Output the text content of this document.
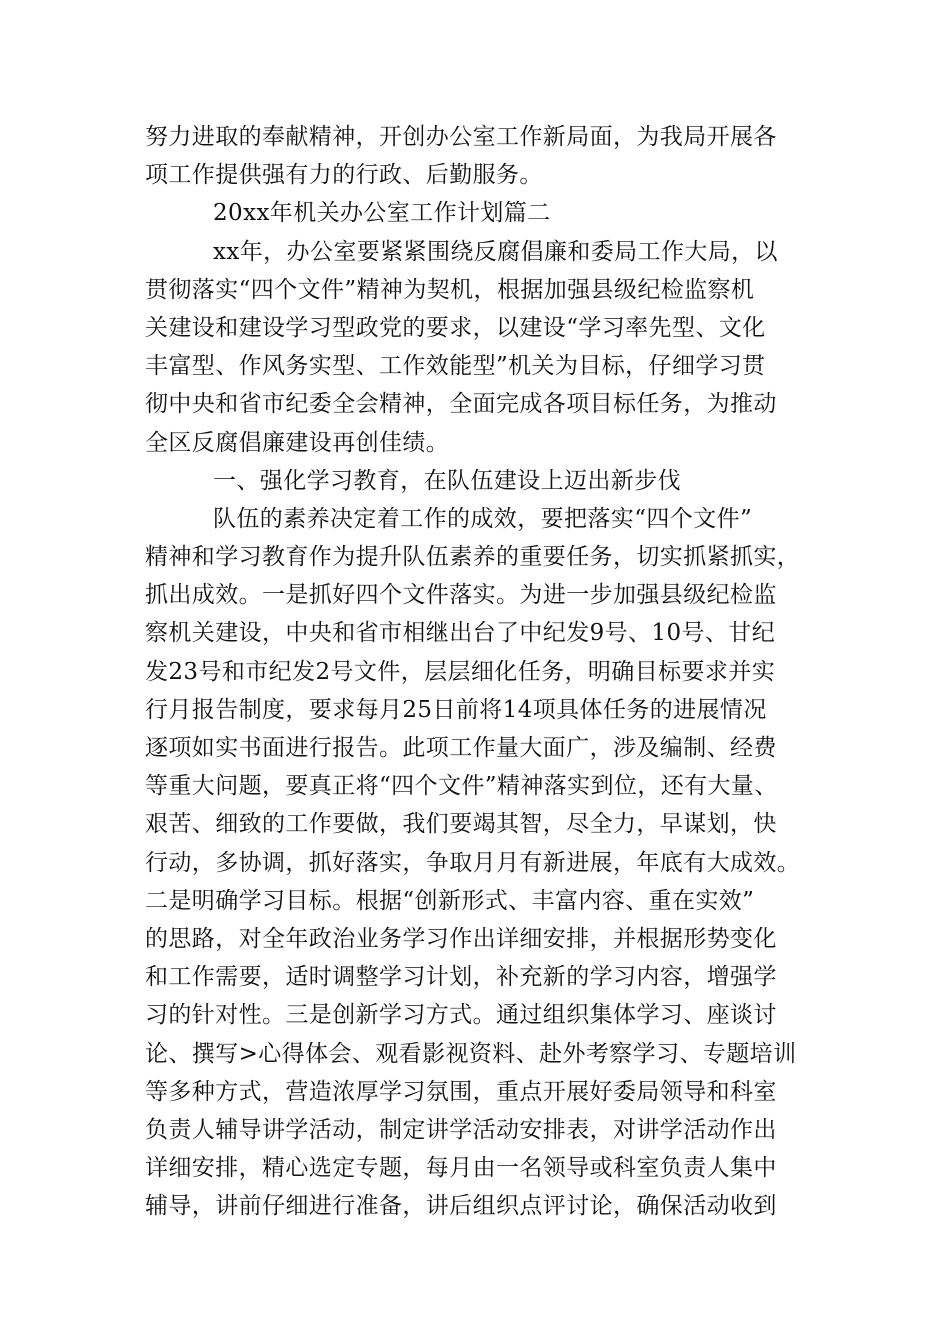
努力进取的奉献精神，开创办公室工作新局面，为我局开展各
项工作提供强有力的行政、后勤服务。
20xx年机关办公室工作计划篇二
xx年，办公室要紧紧围绕反腐倡廉和委局工作大局，以
贯彻落实“四个文件”精神为契机，根据加强县级纪检监察机
关建设和建设学习型政党的要求，以建设“学习率先型、文化
丰富型、作风务实型、工作效能型”机关为目标，仔细学习贯
彻中央和省市纪委全会精神，全面完成各项目标任务，为推动
全区反腐倡廉建设再创佳绩。
一、强化学习教育，在队伍建设上迈出新步伐
队伍的素养决定着工作的成效，要把落实“四个文件”
精神和学习教育作为提升队伍素养的重要任务，切实抓紧抓实，
抓出成效。一是抓好四个文件落实。为进一步加强县级纪检监
察机关建设，中央和省市相继出台了中纪发9号、10号、甘纪
发23号和市纪发2号文件，层层细化任务，明确目标要求并实
行月报告制度，要求每月25日前将14项具体任务的进展情况
逐项如实书面进行报告。此项工作量大面广，涉及编制、经费
等重大问题，要真正将“四个文件”精神落实到位，还有大量、
艰苦、细致的工作要做，我们要竭其智，尽全力，早谋划，快
行动，多协调，抓好落实，争取月月有新进展，年底有大成效。
二是明确学习目标。根据“创新形式、丰富内容、重在实效”
的思路，对全年政治业务学习作出详细安排，并根据形势变化
和工作需要，适时调整学习计划，补充新的学习内容，增强学
习的针对性。三是创新学习方式。通过组织集体学习、座谈讨
论、撰写>心得体会、观看影视资料、赴外考察学习、专题培训
等多种方式，营造浓厚学习氛围，重点开展好委局领导和科室
负责人辅导讲学活动，制定讲学活动安排表，对讲学活动作出
详细安排，精心选定专题，每月由一名领导或科室负责人集中
辅导，讲前仔细进行准备，讲后组织点评讨论，确保活动收到
